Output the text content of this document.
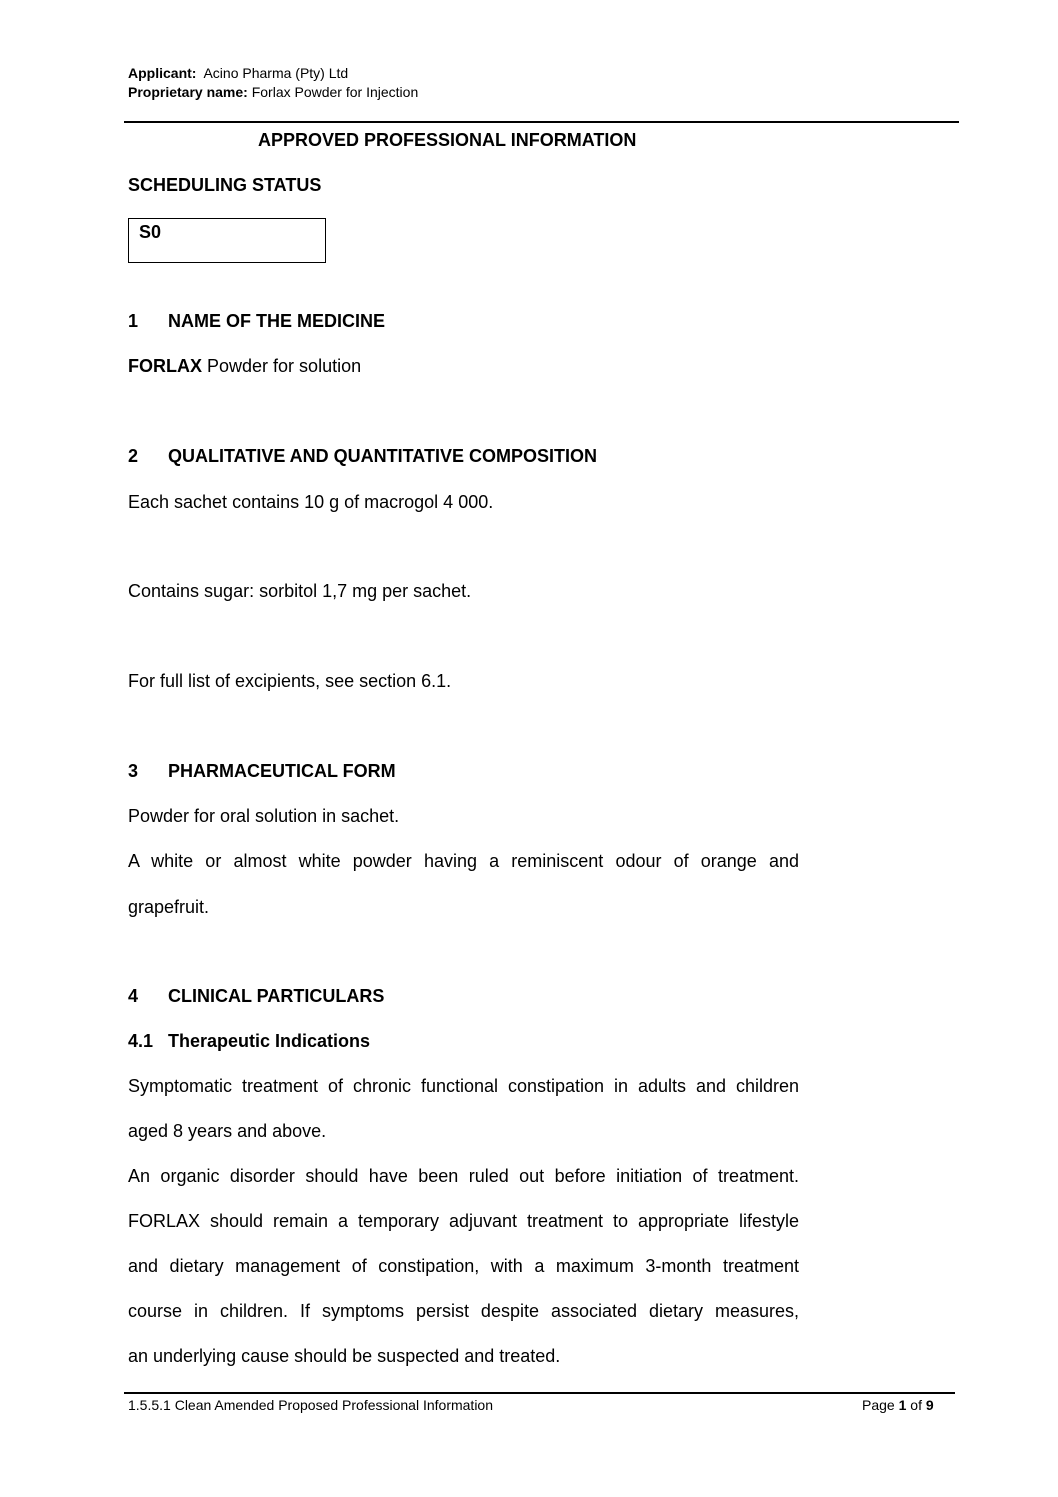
Applicant: Acino Pharma (Pty) Ltd
Proprietary name: Forlax Powder for Injection
APPROVED PROFESSIONAL INFORMATION
SCHEDULING STATUS
S0
1 NAME OF THE MEDICINE
FORLAX Powder for solution
2 QUALITATIVE AND QUANTITATIVE COMPOSITION
Each sachet contains 10 g of macrogol 4 000.
Contains sugar: sorbitol 1,7 mg per sachet.
For full list of excipients, see section 6.1.
3 PHARMACEUTICAL FORM
Powder for oral solution in sachet.
A white or almost white powder having a reminiscent odour of orange and
grapefruit.
4 CLINICAL PARTICULARS
4.1 Therapeutic Indications
Symptomatic treatment of chronic functional constipation in adults and children
aged 8 years and above.
An organic disorder should have been ruled out before initiation of treatment.
FORLAX should remain a temporary adjuvant treatment to appropriate lifestyle
and dietary management of constipation, with a maximum 3-month treatment
course in children. If symptoms persist despite associated dietary measures,
an underlying cause should be suspected and treated.
1.5.5.1 Clean Amended Proposed Professional Information	Page 1 of 9
